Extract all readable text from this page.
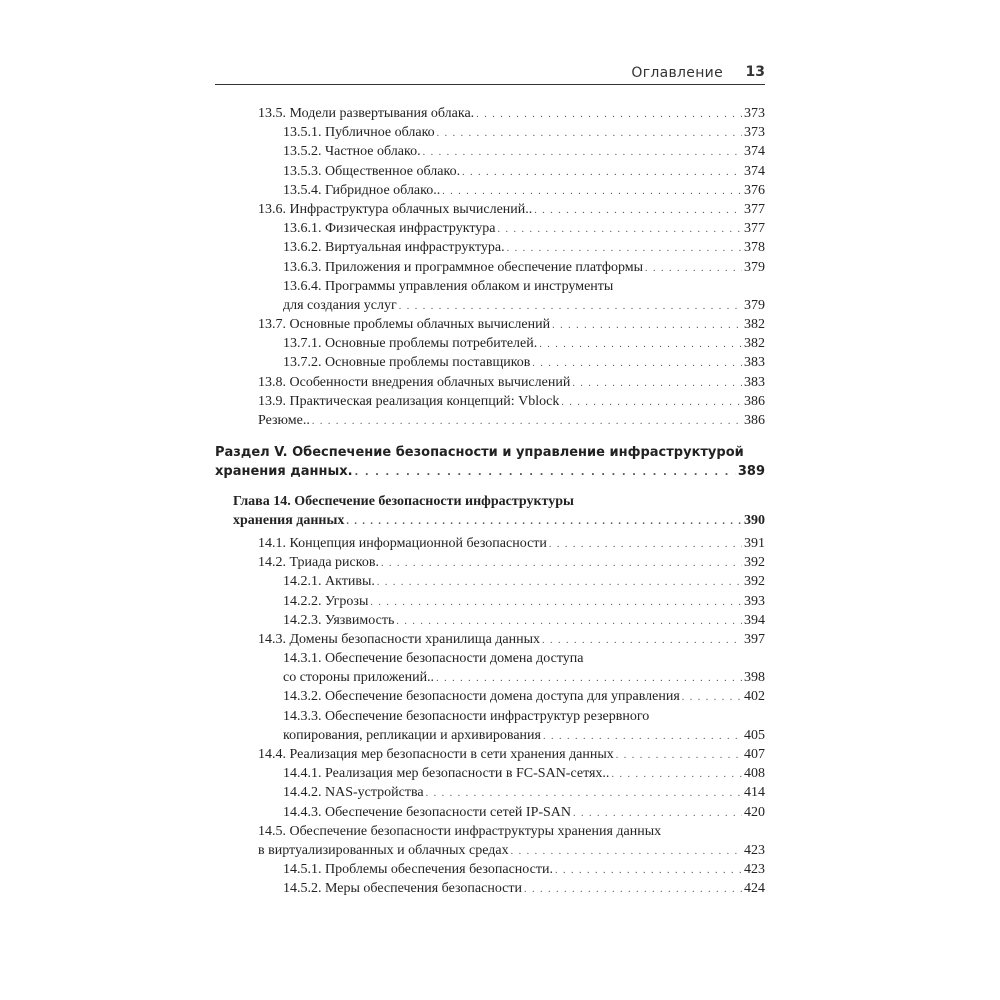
Оглавление 13
13.5. Модели развертывания облака. . . .	373
13.5.1. Публичное облако . . .	373
13.5.2. Частное облако. . . .	374
13.5.3. Общественное облако. . . .	374
13.5.4. Гибридное облако.. . . .	376
13.6. Инфраструктура облачных вычислений.. . . .	377
13.6.1. Физическая инфраструктура . . .	377
13.6.2. Виртуальная инфраструктура. . . .	378
13.6.3. Приложения и программное обеспечение платформы . . .	379
13.6.4. Программы управления облаком и инструменты
для создания услуг . . .	379
13.7. Основные проблемы облачных вычислений . . .	382
13.7.1. Основные проблемы потребителей. . . .	382
13.7.2. Основные проблемы поставщиков . . .	383
13.8. Особенности внедрения облачных вычислений . . .	383
13.9. Практическая реализация концепций: Vblock . . .	386
Резюме.. . . .	386
Раздел V. Обеспечение безопасности и управление инфраструктурой
хранения данных. . . .	389
Глава 14. Обеспечение безопасности инфраструктуры
хранения данных . . .	390
14.1. Концепция информационной безопасности . . .	391
14.2. Триада рисков. . . .	392
14.2.1. Активы. . . .	392
14.2.2. Угрозы . . .	393
14.2.3. Уязвимость . . .	394
14.3. Домены безопасности хранилища данных . . .	397
14.3.1. Обеспечение безопасности домена доступа
со стороны приложений.. . . .	398
14.3.2. Обеспечение безопасности домена доступа для управления . . .	402
14.3.3. Обеспечение безопасности инфраструктур резервного
копирования, репликации и архивирования . . .	405
14.4. Реализация мер безопасности в сети хранения данных . . .	407
14.4.1. Реализация мер безопасности в FC-SAN-сетях.. . . .	408
14.4.2. NAS-устройства . . .	414
14.4.3. Обеспечение безопасности сетей IP-SAN . . .	420
14.5. Обеспечение безопасности инфраструктуры хранения данных
в виртуализированных и облачных средах . . .	423
14.5.1. Проблемы обеспечения безопасности. . . .	423
14.5.2. Меры обеспечения безопасности . . .	424
